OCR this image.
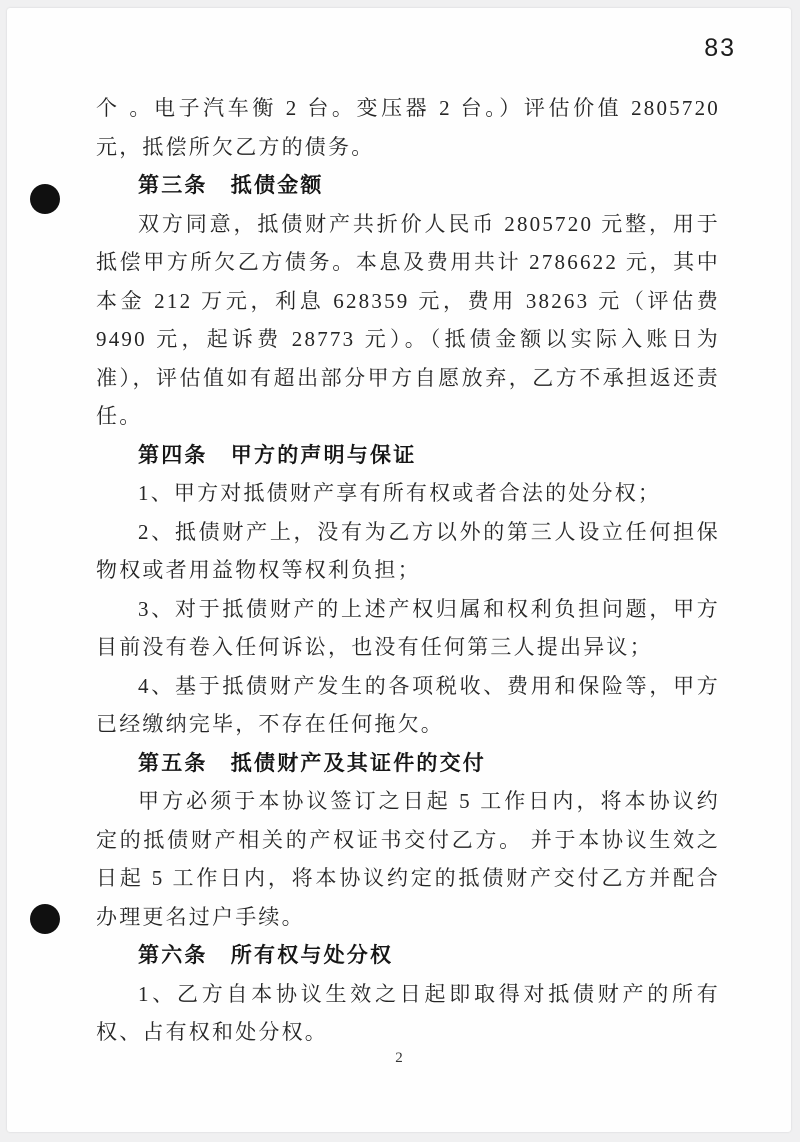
83

个 。电子汽车衡 2 台。变压器 2 台。）评估价值 2805720 元，抵偿所欠乙方的债务。

第三条　抵债金额

双方同意，抵债财产共折价人民币 2805720 元整，用于抵偿甲方所欠乙方债务。本息及费用共计 2786622 元，其中本金 212 万元，利息 628359 元，费用 38263 元（评估费 9490 元，起诉费 28773 元）。（抵债金额以实际入账日为准），评估值如有超出部分甲方自愿放弃，乙方不承担返还责任。

第四条　甲方的声明与保证

1、甲方对抵债财产享有所有权或者合法的处分权；

2、抵债财产上，没有为乙方以外的第三人设立任何担保物权或者用益物权等权利负担；

3、对于抵债财产的上述产权归属和权利负担问题，甲方目前没有卷入任何诉讼，也没有任何第三人提出异议；

4、基于抵债财产发生的各项税收、费用和保险等，甲方已经缴纳完毕，不存在任何拖欠。

第五条　抵债财产及其证件的交付

甲方必须于本协议签订之日起 5 工作日内，将本协议约定的抵债财产相关的产权证书交付乙方。 并于本协议生效之日起 5 工作日内，将本协议约定的抵债财产交付乙方并配合办理更名过户手续。

第六条　所有权与处分权

1、乙方自本协议生效之日起即取得对抵债财产的所有权、占有权和处分权。

2
